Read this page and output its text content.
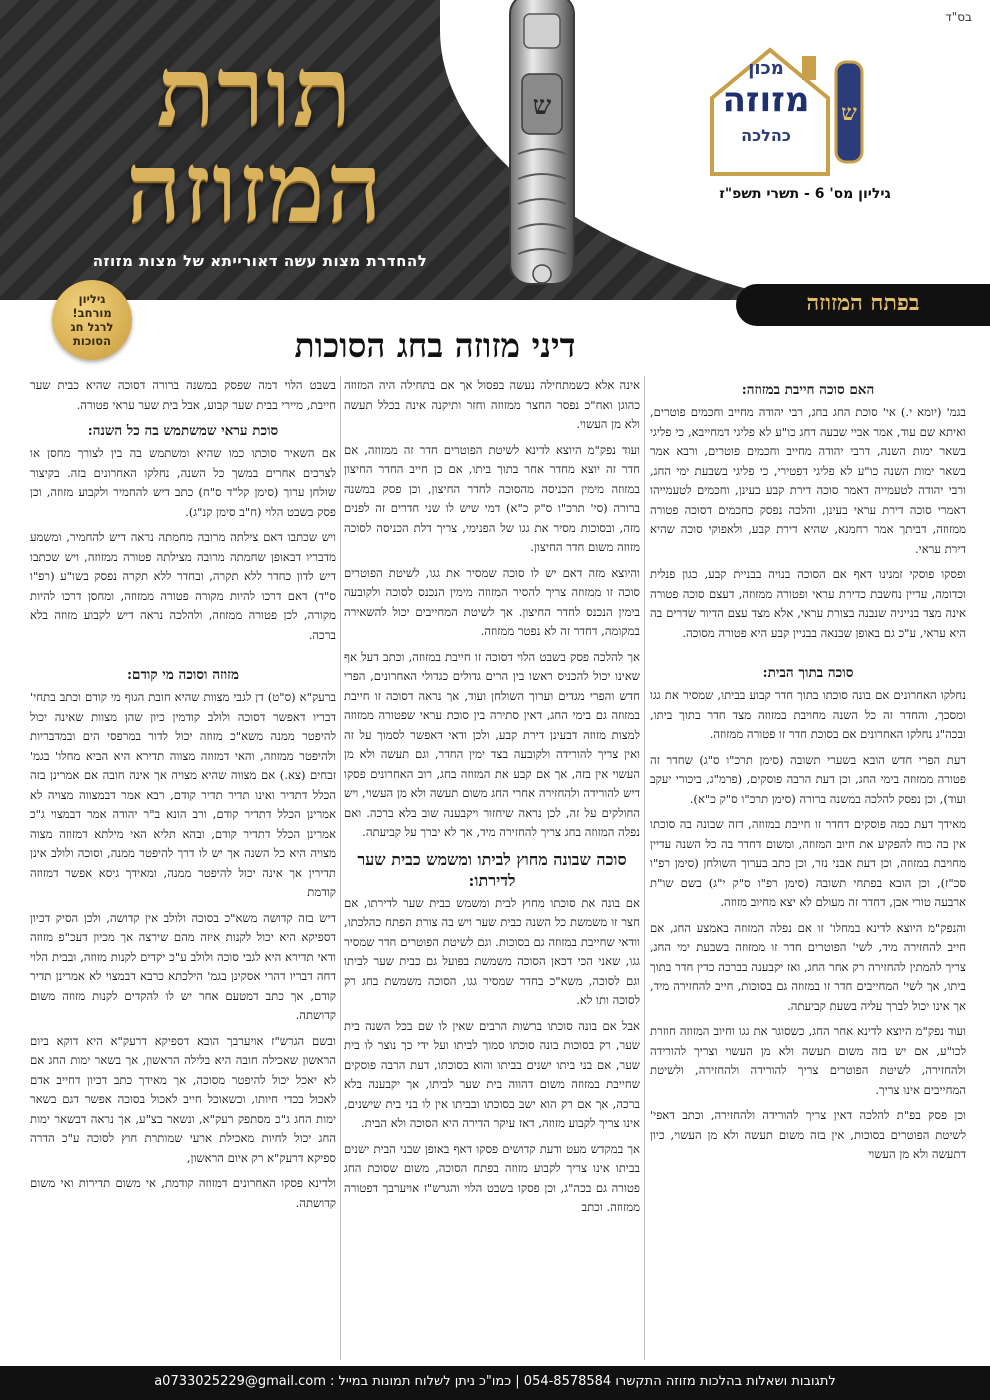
תורת המזוזה
להחדרת מצות עשה דאורייתא של מצות מזוזה
ש
בס"ד
ש
מכון
מזוזה
כהלכה
גיליון מס' 6 - תשרי תשפ"ז
בפתח המזוזה
גיליון
מורחב!
לרגל חג
הסוכות	דיני מזוזה בחג הסוכות
האם סוכה חייבת במזוזה:

בגמ' (יומא י.) אי' סוכת החג בחג, רבי יהודה מחייב וחכמים פוטרים, ואיתא שם עוד, אמר אביי שבעה דחג כו"ע לא פליגי דמחייבא, כי פליגי בשאר ימות השנה, דרבי יהודה מחייב וחכמים פוטרים, ורבא אמר בשאר ימות השנה כו"ע לא פליגי דפטירי, כי פליגי בשבעת ימי החג, ורבי יהודה לטעמייה דאמר סוכה דירת קבע בעינן, וחכמים לטעמייהו דאמרי סוכה דירת עראי בעינן, והלכה נפסק כחכמים דסוכה פטורה ממזוזה, דביתך אמר רחמנא, שהיא דירת קבע, ולאפוקי סוכה שהיא דירת עראי.

ופסקו פוסקי זמנינו דאף אם הסוכה בנויה בבניית קבע, כגון פנלית וכדומה, עדיין נחשבת כדירת עראי ופטורה ממזוזה, דעצם סוכה פטורה אינה מצד בנייניה שנבנה בצורת עראי, אלא מצד עצם הדיור שדרים בה היא עראי, ע"כ גם באופן שבנאה בבניין קבע היא פטורה מסוכה.

סוכה בתוך הבית:

נחלקו האחרונים אם בונה סוכתו בתוך חדר קבוע בביתו, שמסיר את גגו ומסכך, והחדר זה כל השנה מחויבת במזוזה מצד חדר בתוך ביתו, ובכה"ג נחלקו האחרונים אם בסוכת חדר זו פטורה ממזוזה.

דעת הפרי חדש הובא בשערי תשובה (סימן תרכ"ו ס"ג) שחדר זה פטורה ממזוזה בימי החג, וכן דעת הרבה פוסקים, (פרמ"ג, ביכורי יעקב ועוד), וכן נפסק להלכה במשנה ברורה (סימן תרכ"ו ס"ק כ"א).

מאידך דעת כמה פוסקים דחדר זו חייבת במזוזה, דזה שבונה בה סוכתו אין בה כוח להפקיע את חיוב המזוזה, ומשום דחדר בה כל השנה עדיין מחויבת במזוזה, וכן דעת אבני נזר, וכן כתב בערוך השולחן (סימן רפ"ו סכ"ז), וכן הובא בפתחי תשובה (סימן רפ"ו ס"ק י"ג) בשם שו"ת ארבעה טורי אבן, דחדר זה מעולם לא יצא מחיוב מזוזה.

והנפק"מ היוצא לדינא במחלו' זו אם נפלה המזוזה באמצע החג, אם חייב להחזירה מיד, לשי' הפוטרים חדר זו ממזוזה בשבעת ימי החג, צריך להמתין להחזירה רק אחר החג, ואז יקבענה בברכה כדין חדר בתוך ביתו, אך לשי' המחייבים חדר זו במזוזה גם בסוכות, חייב להחזירה מיד, אך אינו יכול לברך עליה בשעת קביעתה.

ועוד נפק"מ היוצא לדינא אחר החג, כשסוגר את גגו וחיוב המזוזה חוזרת לכו"ע, אם יש בזה משום תעשה ולא מן העשוי וצריך להורידה ולהחזירה, לשיטת הפוטרים צריך להורידה ולהחזירה, ולשיטת המחייבים אינו צריך.

וכן פסק בפ"ת להלכה דאין צריך להורידה ולהחזירה, וכתב דאפי' לשיטת הפוטרים בסוכות, אין בזה משום תעשה ולא מן העשוי, כיון דתעשה ולא מן העשוי

אינה אלא כשמתחילה נעשה בפסול אך אם בתחילה היה המזוזה כהוגן ואח"כ נפסר החצר ממזוזה וחזר ותיקנה אינה בכלל תעשה ולא מן העשוי.

ועוד נפק"מ היוצא לדינא לשיטת הפוטרים חדר זה ממזוזה, אם חדר זה יוצא מחדר אחר בתוך ביתו, אם כן חייב החדר החיצון במזוזה מימין הכניסה מהסוכה לחדר החיצון, וכן פסק במשנה ברורה (סי' תרכ"ו ס"ק כ"א) דמי שיש לו שני חדרים זה לפנים מזה, ובסוכות מסיר את גגו של הפנימי, צריך דלת הכניסה לסוכה מזוזה משום חדר החיצון.

והיוצא מזה דאם יש לו סוכה שמסיר את גגו, לשיטת הפוטרים סוכה זו ממזוזה צריך להסיר המזוזה מימין הנכנס לסוכה ולקובעה בימין הנכנס לחדר החיצון. אך לשיטת המחייבים יכול להשאירה במקומה, דחדר זה לא נפטר ממזוזה.

אך להלכה פסק בשבט הלוי דסוכה זו חייבת במזוזה, וכתב דעל אף שאינו יכול להכניס ראשו בין הרים גדולים כגדולי האחרונים, הפרי חדש והפרי מגדים וערוך השולחן ועוד, אך נראה דסוכה זו חייבת במזוזה גם בימי החג, דאין סתירה בין סוכת עראי שפטורה ממזוזה למצות מזוזה דבעינן דירת קבע, ולכן ודאי דאפשר לסמוך על זה ואין צריך להורידה ולקובעה בצד ימין החדר, וגם תעשה ולא מן העשוי אין בזה, אך אם קבע את המזוזה בחג, רוב האחרונים פסקו דיש להורידה ולהחזירה אחרי החג משום תעשה ולא מן העשוי, ויש החולקים על זה, לכן נראה שיחזור ויקבענה שוב בלא ברכה. ואם נפלה המזוזה בחג צריך להחזירה מיד, אך לא יברך על קביעתה.

סוכה שבונה מחוץ לביתו ומשמש כבית שער לדירתו:

אם בונה את סוכתו מחוץ לבית ומשמש כבית שער לדירתו, אם חצר זו משמשת כל השנה כבית שער ויש בה צורת הפתח כהלכתו, וודאי שחייבת במזוזה גם בסוכות. וגם לשיטת הפוטרים חדר שמסיר גגו, שאני הכי דכאן הסוכה משמשת בפועל גם כבית שער לביתו וגם לסוכה, משא"כ בחדר שמסיר גגו, הסוכה משמשת בחג רק לסוכה ותו לא.

אבל אם בונה סוכתו ברשות הרבים שאין לו שם בכל השנה בית שער, רק בסוכות בונה סוכתו סמוך לביתו ועל ידי כך נוצר לו בית שער, אם בני ביתו ישנים בביתו והוא בסוכתו, דעת הרבה פוסקים שחייבת במזוזה משום דהווה בית שער לביתו, אך יקבענה בלא ברכה, אך אם רק הוא ישב בסוכתו ובביתו אין לו בני בית שישנים, אינו צריך לקבוע מזוזה, דאז עיקר הדירה היא הסוכה ולא הבית.

אך במקדש מעט ודעת קדושים פסקו דאף באופן שבני הבית ישנים בביתו אינו צריך לקבוע מזוזה בפתח הסוכה, משום שסוכת החג פטורה גם בכה"ג, וכן פסקו בשבט הלוי והגרש"ז אויערבך דפטורה ממזוזה. וכתב

בשבט הלוי דמה שפסק במשנה ברורה דסוכה שהיא כבית שער חייבת, מיירי בבית שער קבוע, אבל בית שער עראי פטורה.

סוכת עראי שמשתמש בה כל השנה:

אם השאיר סוכתו כמו שהיא ומשתמש בה בין לצורך מחסן או לצרכים אחרים במשך כל השנה, נחלקו האחרונים בזה. בקיצור שולחן ערוך (סימן קל"ד ס"ח) כתב דיש להחמיר ולקבוע מזוזה, וכן פסק בשבט הלוי (ח"ב סימן קנ"ג).

ויש שכתבו דאם צילתה מרובה מחמתה נראה דיש להחמיר, ומשמע מדבריו דבאופן שחמתה מרובה מצילתה פטורה ממזוזה, ויש שכתבו דיש לדון כחדר ללא תקרה, ובחדר ללא תקרה נפסק בשו"ע (רפ"ו ס"ד) דאם דרכו להיות מקורה פטורה ממזוזה, ומחסן דרכו להיות מקורה, לכן פטורה ממזוזה, ולהלכה נראה דיש לקבוע מזוזה בלא ברכה.

מזוזה וסוכה מי קודם:

ברעק"א (ס"ט) דן לגבי מצוות שהיא חובת הגוף מי קודם וכתב בתחי' דבריו דאפשר דסוכה ולולב קודמין כיון שהן מצוות שאינה יכול להיפטר ממנה משא"כ מזוזה יכול לדור במרפסי הים ובמדבריות ולהיפטר ממזוזה, והאי דמזוזה מצווה תדירא היא הביא מחלו' בגמ' זבחים (צא.) אם מצווה שהיא מצויה אך אינה חובה אם אמרינן בזה הכלל דתדיר ואינו תדיר תדיר קודם, רבא אמר דבמצווה מצויה לא אמרינן הכלל דתדיר קודם, ורב הונא ב"ר יהודה אמר דבמצוי ג"כ אמרינן הכלל דתדיר קודם, ובהא תליא האי מילתא דמזוזה מצוה מצויה היא כל השנה אך יש לו דרך להיפטר ממנה, וסוכה ולולב אינן תדירין אך אינה יכול להיפטר ממנה, ומאידך גיסא אפשר דמזוזה קודמת

דיש בזה קדושה משא"כ בסוכה ולולב אין קדושה, ולכן הסיק דכיון דספיקא היא יכול לקנות איזה מהם שירצה אך מכיון דעכ"פ מזוזה ודאי תדירא היא לגבי סוכה ולולב ע"כ יקדים לקנות מזוזה, ובבית הלוי דחה דבריו דהרי אסקינן בגמ' הילכתא כרבא דבמצוי לא אמרינן תדיר קודם, אך כתב דמטעם אחר יש לו להקדים לקנות מזוזה משום קדושתה.

ובשם הגרש"ז אויערבך הובא דספיקא דרעק"א היא דוקא ביום הראשון שאכילה חובה היא בלילה הראשון, אך בשאר ימות החג אם לא יאכל יכול להיפטר מסוכה, אך מאידך כתב דכיון דחייב אדם לאכול בכדי חיותו, וכשאוכל חייב לאכול בסוכה אפשר דגם בשאר ימות החג ג"כ מסתפק רעק"א, ונשאר בצ"ע, אך נראה דבשאר ימות החג יכול לחיות מאכילת ארעי שמותרת חוץ לסוכה ע"כ הדרה ספיקא דרעק"א רק איום הראשון,

ולדינא פסקו האחרונים דמזוזה קודמת, אי משום תדירות ואי משום קדושתה.

לתגובות ושאלות בהלכות מזוזה התקשרו 054-8578584 | כמו"כ ניתן לשלוח תמונות במייל : a0733025229@gmail.com
